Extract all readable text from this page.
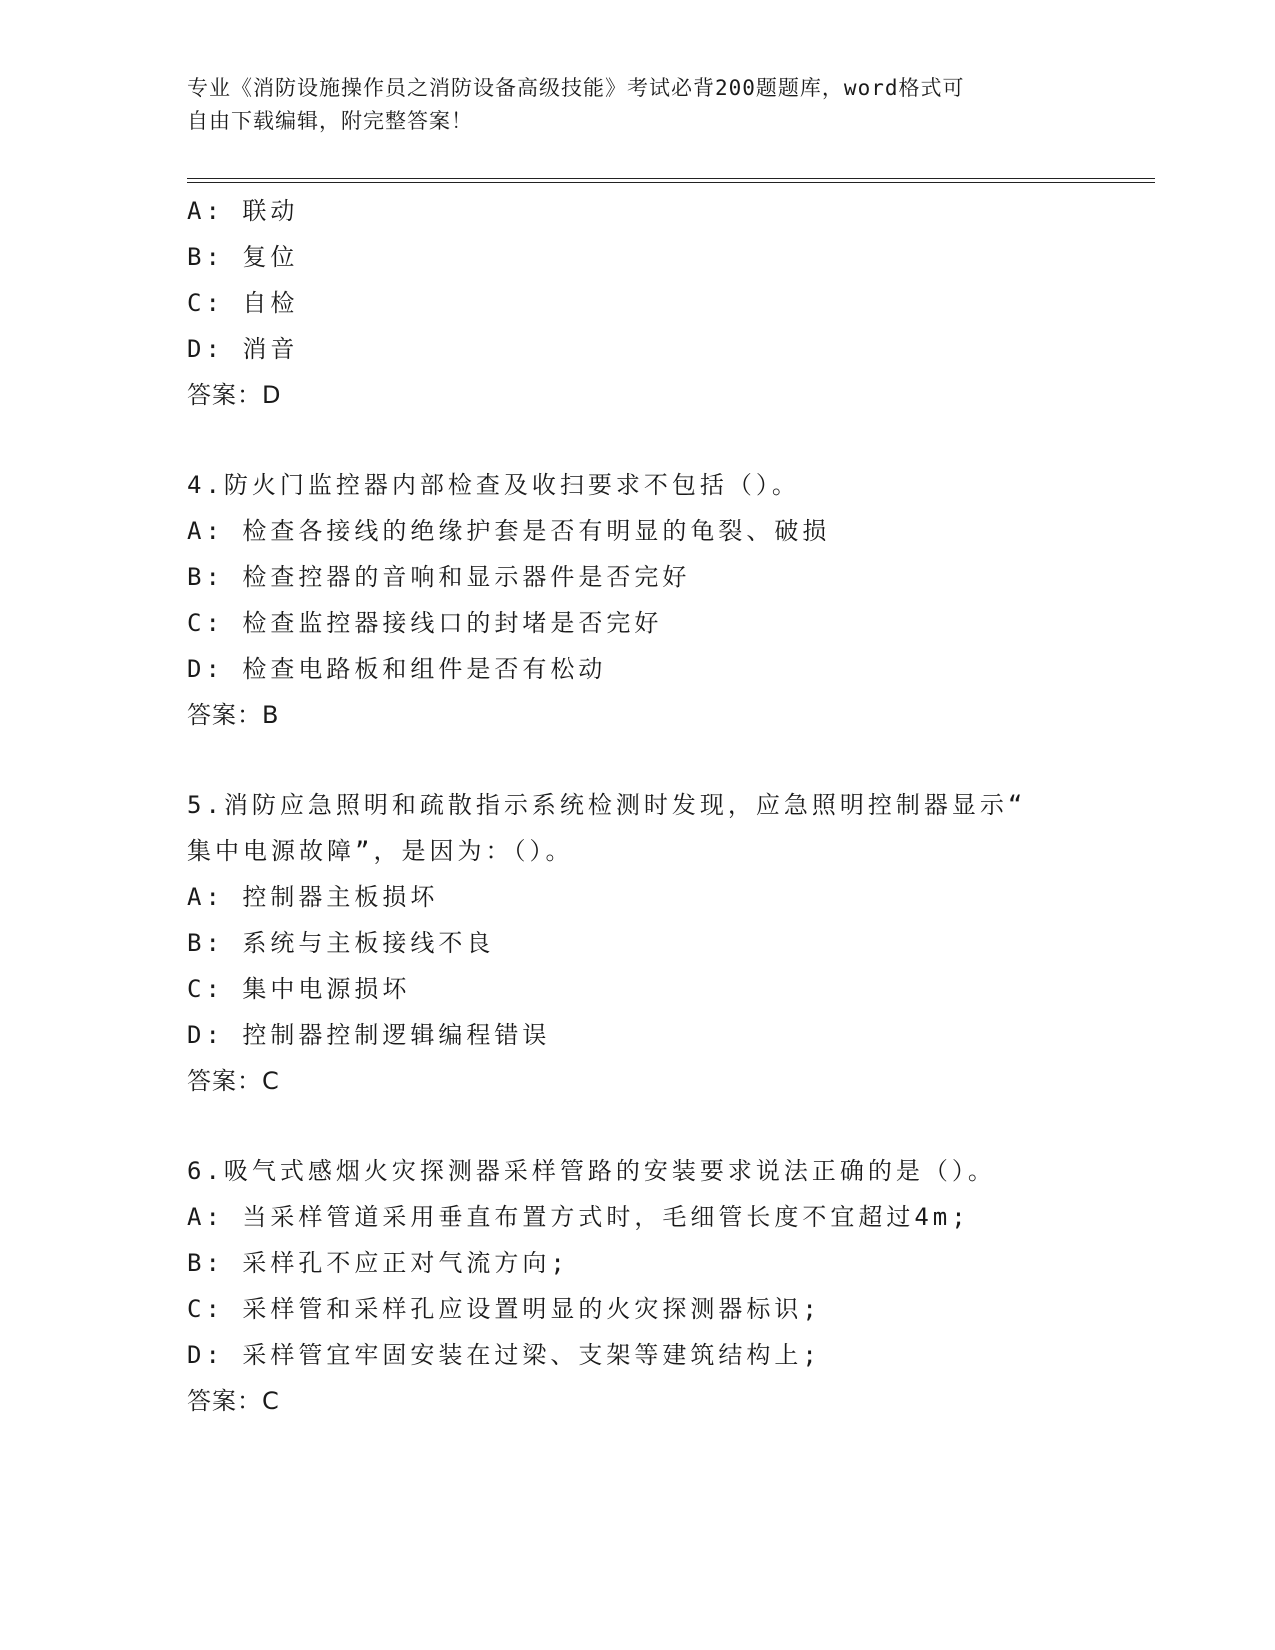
专业《消防设施操作员之消防设备高级技能》考试必背200题题库，word格式可
自由下载编辑，附完整答案！
A: 联动
B: 复位
C: 自检
D: 消音
答案：D
4.防火门监控器内部检查及收扫要求不包括（）。
A: 检查各接线的绝缘护套是否有明显的龟裂、破损
B: 检查控器的音响和显示器件是否完好
C: 检查监控器接线口的封堵是否完好
D: 检查电路板和组件是否有松动
答案：B
5.消防应急照明和疏散指示系统检测时发现，应急照明控制器显示“
集中电源故障”，是因为：（）。
A: 控制器主板损坏
B: 系统与主板接线不良
C: 集中电源损坏
D: 控制器控制逻辑编程错误
答案：C
6.吸气式感烟火灾探测器采样管路的安装要求说法正确的是（）。
A: 当采样管道采用垂直布置方式时，毛细管长度不宜超过4m;
B: 采样孔不应正对气流方向;
C: 采样管和采样孔应设置明显的火灾探测器标识;
D: 采样管宜牢固安装在过梁、支架等建筑结构上;
答案：C
